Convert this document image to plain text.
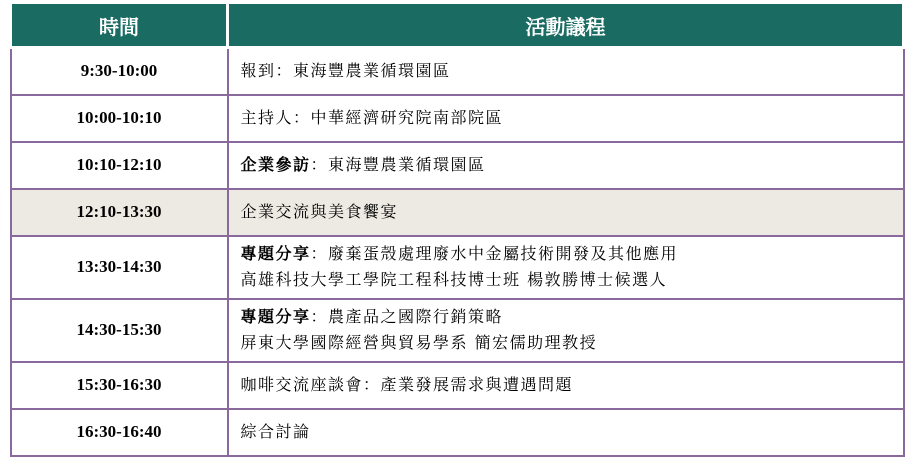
時間	活動議程
9:30-10:00	報到：東海豐農業循環園區

10:00-10:10	主持人：中華經濟研究院南部院區

10:10-12:10	企業參訪：東海豐農業循環園區

12:10-13:30	企業交流與美食饗宴

13:30-14:30	專題分享：廢棄蛋殼處理廢水中金屬技術開發及其他應用
高雄科技大學工學院工程科技博士班 楊敦勝博士候選人

14:30-15:30	專題分享：農產品之國際行銷策略
屏東大學國際經營與貿易學系 簡宏儒助理教授

15:30-16:30	咖啡交流座談會：產業發展需求與遭遇問題

16:30-16:40	綜合討論
